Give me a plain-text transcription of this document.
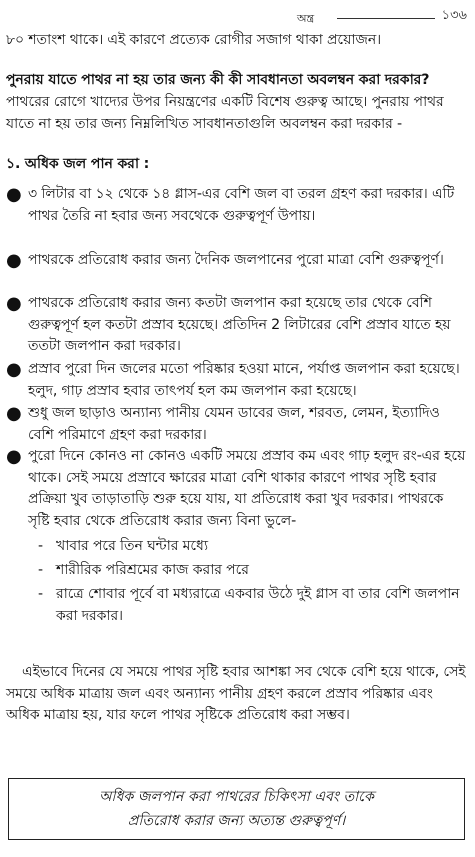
অন্ত্র	১৩৬
৮০ শতাংশ থাকে। এই কারণে প্রত্যেক রোগীর সজাগ থাকা প্রয়োজন।
পুনরায় যাতে পাথর না হয় তার জন্য কী কী সাবধানতা অবলম্বন করা দরকার?
পাথরের রোগে খাদ্যের উপর নিয়ন্ত্রণের একটি বিশেষ গুরুত্ব আছে। পুনরায় পাথর যাতে না হয় তার জন্য নিম্নলিখিত সাবধানতাগুলি অবলম্বন করা দরকার -
১. অধিক জল পান করা :
● ৩ লিটার বা ১২ থেকে ১৪ গ্লাস-এর বেশি জল বা তরল গ্রহণ করা দরকার। এটি পাথর তৈরি না হবার জন্য সবথেকে গুরুত্বপূর্ণ উপায়।
● পাথরকে প্রতিরোধ করার জন্য দৈনিক জলপানের পুরো মাত্রা বেশি গুরুত্বপূর্ণ।
● পাথরকে প্রতিরোধ করার জন্য কতটা জলপান করা হয়েছে তার থেকে বেশি গুরুত্বপূর্ণ হল কতটা প্রস্রাব হয়েছে। প্রতিদিন 2 লিটারের বেশি প্রস্রাব যাতে হয় ততটা জলপান করা দরকার।
● প্রস্রাব পুরো দিন জলের মতো পরিষ্কার হওয়া মানে, পর্যাপ্ত জলপান করা হয়েছে। হলুদ, গাঢ় প্রস্রাব হবার তাৎপর্য হল কম জলপান করা হয়েছে।
● শুধু জল ছাড়াও অন্যান্য পানীয় যেমন ডাবের জল, শরবত, লেমন, ইত্যাদিও বেশি পরিমাণে গ্রহণ করা দরকার।
● পুরো দিনে কোনও না কোনও একটি সময়ে প্রস্রাব কম এবং গাঢ় হলুদ রং-এর হয়ে থাকে। সেই সময়ে প্রস্রাবে ক্ষারের মাত্রা বেশি থাকার কারণে পাথর সৃষ্টি হবার প্রক্রিয়া খুব তাড়াতাড়ি শুরু হয়ে যায়, যা প্রতিরোধ করা খুব দরকার। পাথরকে সৃষ্টি হবার থেকে প্রতিরোধ করার জন্য বিনা ভুলে-
- খাবার পরে তিন ঘন্টার মধ্যে
- শারীরিক পরিশ্রমের কাজ করার পরে
- রাত্রে শোবার পূর্বে বা মধ্যরাত্রে একবার উঠে দুই গ্লাস বা তার বেশি জলপান করা দরকার।
এইভাবে দিনের যে সময়ে পাথর সৃষ্টি হবার আশঙ্কা সব থেকে বেশি হয়ে থাকে, সেই সময়ে অধিক মাত্রায় জল এবং অন্যান্য পানীয় গ্রহণ করলে প্রস্রাব পরিষ্কার এবং অধিক মাত্রায় হয়, যার ফলে পাথর সৃষ্টিকে প্রতিরোধ করা সম্ভব।
অধিক জলপান করা পাথরের চিকিৎসা এবং তাকে
প্রতিরোধ করার জন্য অত্যন্ত গুরুত্বপূর্ণ।
